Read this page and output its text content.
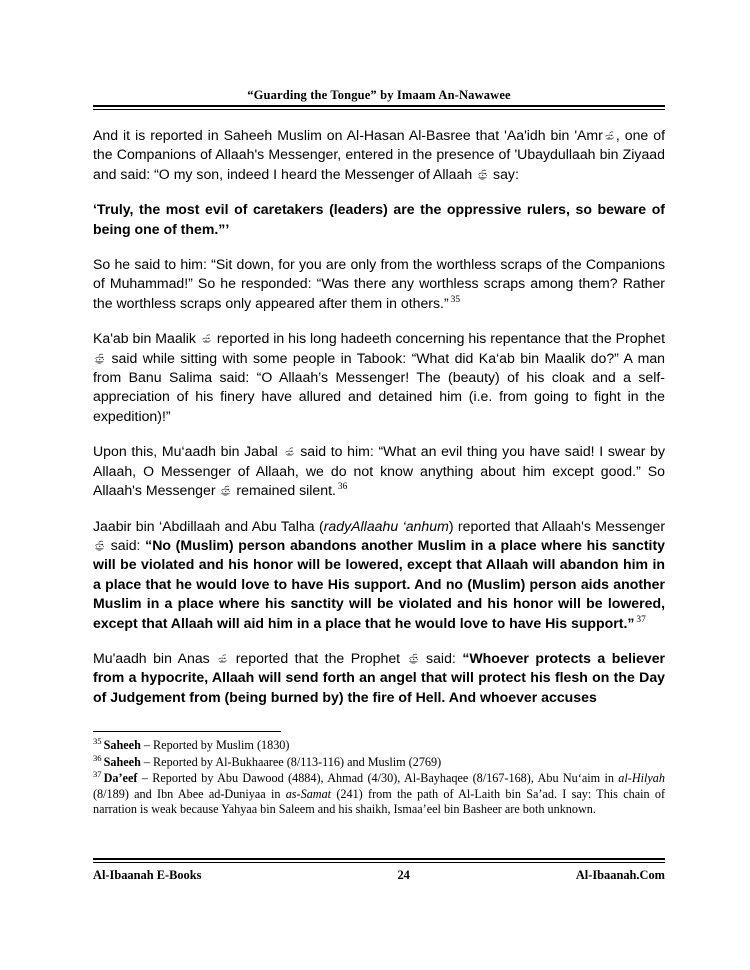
“Guarding the Tongue” by Imaam An-Nawawee

And it is reported in Saheeh Muslim on Al-Hasan Al-Basree that 'Aa'idh bin 'Amr , one of the Companions of Allaah's Messenger, entered in the presence of 'Ubaydullaah bin Ziyaad and said: “O my son, indeed I heard the Messenger of Allaah say:

‘Truly, the most evil of caretakers (leaders) are the oppressive rulers, so beware of being one of them.”’

So he said to him: “Sit down, for you are only from the worthless scraps of the Companions of Muhammad!” So he responded: “Was there any worthless scraps among them? Rather the worthless scraps only appeared after them in others.” $^{35}$

Ka'ab bin Maalik reported in his long hadeeth concerning his repentance that the Prophet
said while sitting with some people in Tabook: “What did Ka‘ab bin Maalik do?” A man from Banu Salima said: “O Allaah’s Messenger! The (beauty) of his cloak and a self-appreciation of his finery have allured and detained him (i.e. from going to fight in the expedition)!”

Upon this, Mu‘aadh bin Jabal said to him: “What an evil thing you have said! I swear by Allaah, O Messenger of Allaah, we do not know anything about him except good.” So Allaah's Messenger remained silent. $^{36}$

Jaabir bin ‘Abdillaah and Abu Talha (radyAllaahu ‘anhum) reported that Allaah's Messenger
said: “No (Muslim) person abandons another Muslim in a place where his sanctity will be violated and his honor will be lowered, except that Allaah will abandon him in a place that he would love to have His support. And no (Muslim) person aids another Muslim in a place where his sanctity will be violated and his honor will be lowered, except that Allaah will aid him in a place that he would love to have His support.” $^{37}$

Mu'aadh bin Anas reported that the Prophet said: “Whoever protects a believer from a hypocrite, Allaah will send forth an angel that will protect his flesh on the Day of Judgement from (being burned by) the fire of Hell. And whoever accuses

$^{35}$ Saheeh – Reported by Muslim (1830)

$^{36}$ Saheeh – Reported by Al-Bukhaaree (8/113-116) and Muslim (2769)

$^{37}$ Da’eef – Reported by Abu Dawood (4884), Ahmad (4/30), Al-Bayhaqee (8/167-168), Abu Nu‘aim in al-Hilyah (8/189) and Ibn Abee ad-Duniyaa in as-Samat (241) from the path of Al-Laith bin Sa’ad. I say: This chain of narration is weak because Yahyaa bin Saleem and his shaikh, Ismaa’eel bin Basheer are both unknown.

Al-Ibaanah E-Books	24	Al-Ibaanah.Com
